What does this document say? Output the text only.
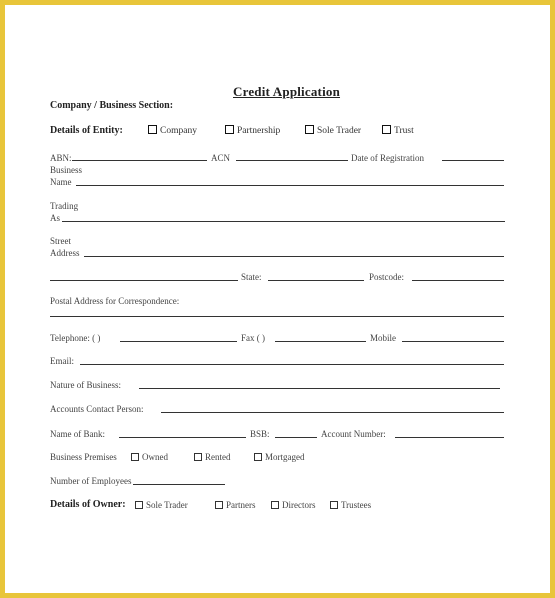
Credit Application
Company / Business Section:
Details of Entity:	Company	Partnership	Sole Trader	Trust
ABN:	ACN	Date of Registration
Business
Name
Trading
As
Street
Address
State:	Postcode:
Postal Address for Correspondence:
Telephone: ( )	Fax ( )	Mobile
Email:
Nature of Business:
Accounts Contact Person:
Name of Bank:	BSB:	Account Number:
Business Premises	Owned	Rented	Mortgaged
Number of Employees
Details of Owner:	Sole Trader	Partners	Directors	Trustees
